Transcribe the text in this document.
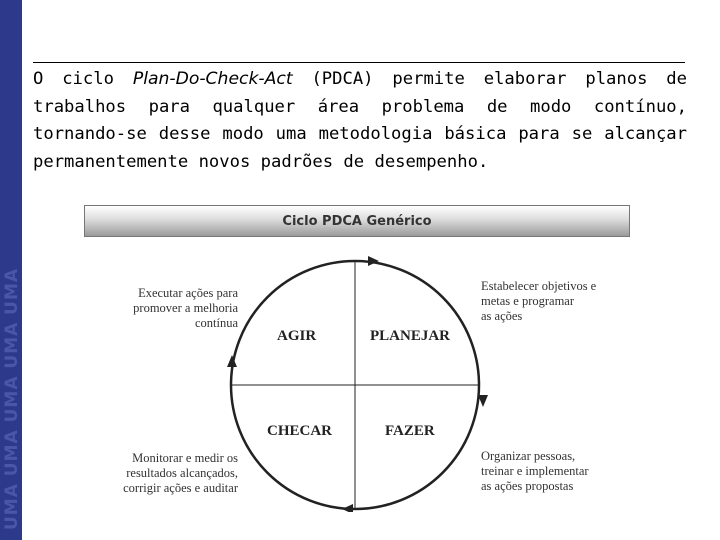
UMA UMA UMA UMA UMA

O ciclo Plan-Do-Check-Act (PDCA) permite elaborar planos de trabalhos para qualquer área problema de modo contínuo, tornando-se desse modo uma metodologia básica para se alcançar permanentemente novos padrões de desempenho.

Ciclo PDCA Genérico
AGIR	PLANEJAR
CHECAR	FAZER
Executar ações para
promover a melhoria
contínua
Estabelecer objetivos e
metas e programar
as ações
Monitorar e medir os
resultados alcançados,
corrigir ações e auditar
Organizar pessoas,
treinar e implementar
as ações propostas
